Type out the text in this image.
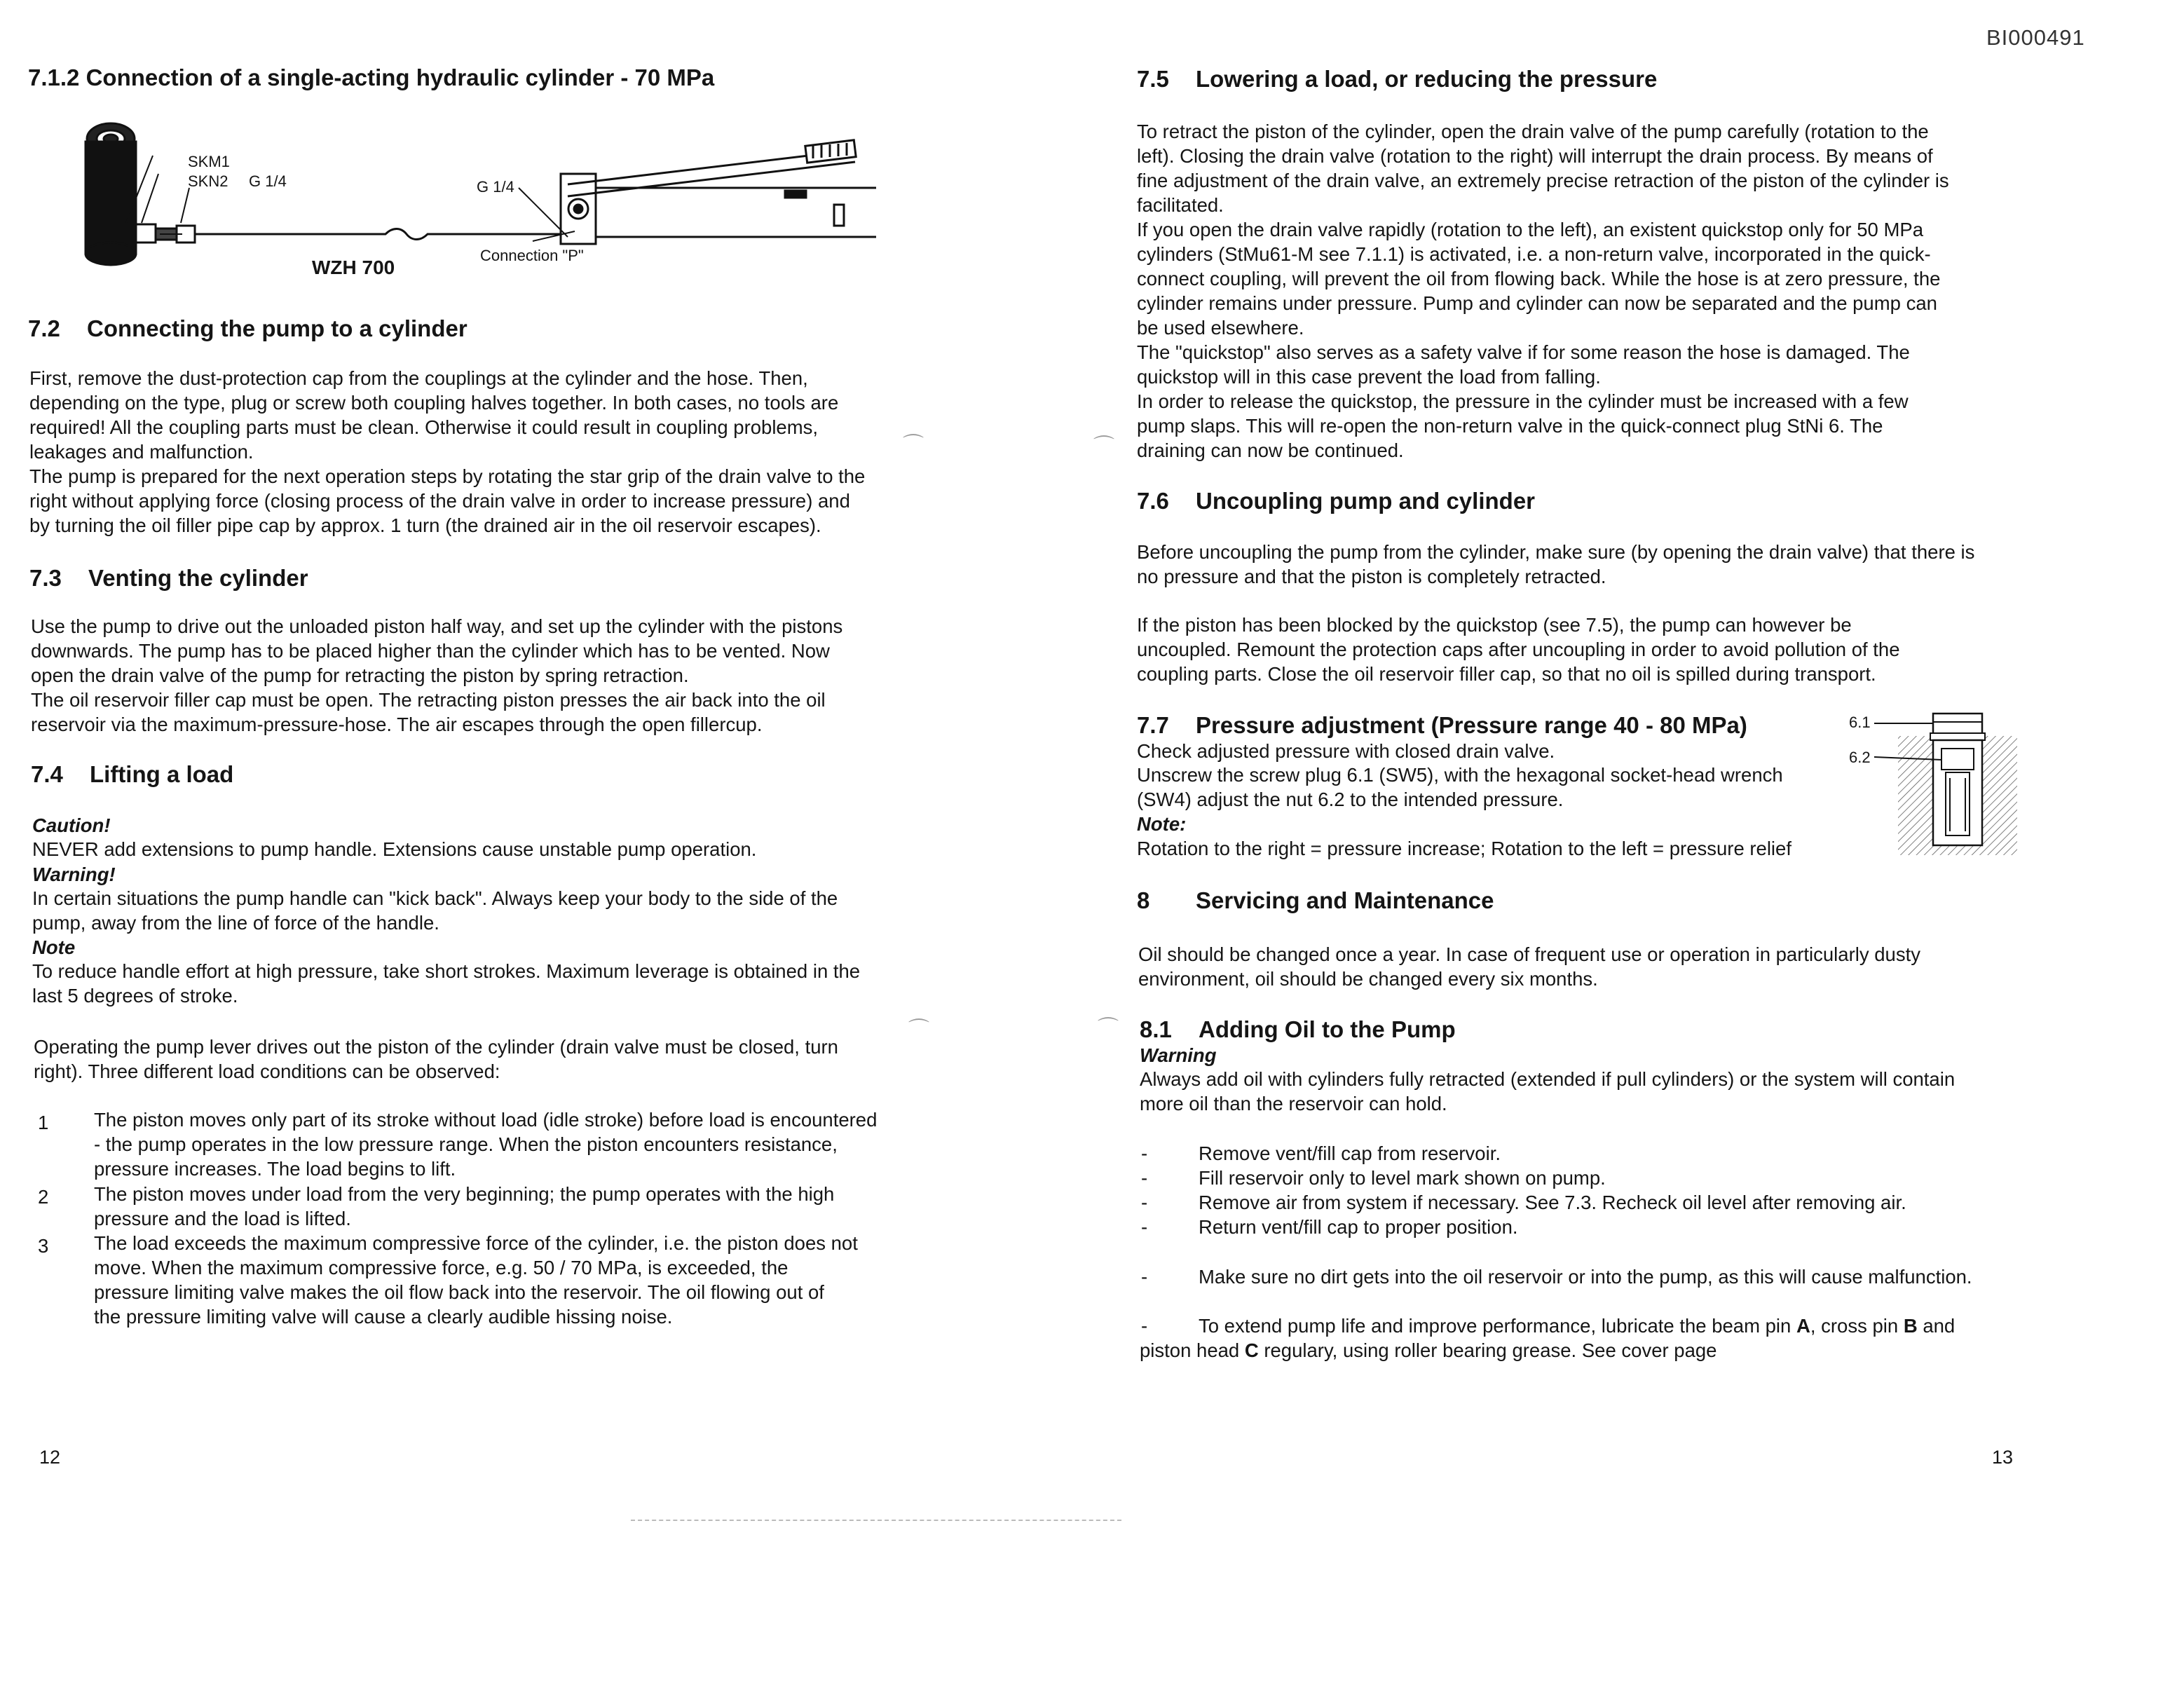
BI000491
7.1.2 Connection of a single-acting hydraulic cylinder - 70 MPa
SKM1
SKN2 G 1/4	G 1/4
Connection "P"
WZH 700
7.2 Connecting the pump to a cylinder
First, remove the dust-protection cap from the couplings at the cylinder and the hose. Then,
depending on the type, plug or screw both coupling halves together. In both cases, no tools are
required! All the coupling parts must be clean. Otherwise it could result in coupling problems,
leakages and malfunction.
The pump is prepared for the next operation steps by rotating the star grip of the drain valve to the
right without applying force (closing process of the drain valve in order to increase pressure) and
by turning the oil filler pipe cap by approx. 1 turn (the drained air in the oil reservoir escapes).
7.3 Venting the cylinder
Use the pump to drive out the unloaded piston half way, and set up the cylinder with the pistons
downwards. The pump has to be placed higher than the cylinder which has to be vented. Now
open the drain valve of the pump for retracting the piston by spring retraction.
The oil reservoir filler cap must be open. The retracting piston presses the air back into the oil
reservoir via the maximum-pressure-hose. The air escapes through the open fillercup.
7.4 Lifting a load
Caution!
NEVER add extensions to pump handle. Extensions cause unstable pump operation.
Warning!
In certain situations the pump handle can "kick back". Always keep your body to the side of the
pump, away from the line of force of the handle.
Note
To reduce handle effort at high pressure, take short strokes. Maximum leverage is obtained in the
last 5 degrees of stroke.
Operating the pump lever drives out the piston of the cylinder (drain valve must be closed, turn
right). Three different load conditions can be observed:
1	The piston moves only part of its stroke without load (idle stroke) before load is encountered
- the pump operates in the low pressure range. When the piston encounters resistance,
pressure increases. The load begins to lift.
2	The piston moves under load from the very beginning; the pump operates with the high
pressure and the load is lifted.
3	The load exceeds the maximum compressive force of the cylinder, i.e. the piston does not
move. When the maximum compressive force, e.g. 50 / 70 MPa, is exceeded, the
pressure limiting valve makes the oil flow back into the reservoir. The oil flowing out of
the pressure limiting valve will cause a clearly audible hissing noise.
12
⌒	⌒
⌒	⌒
7.5 Lowering a load, or reducing the pressure
To retract the piston of the cylinder, open the drain valve of the pump carefully (rotation to the
left). Closing the drain valve (rotation to the right) will interrupt the drain process. By means of
fine adjustment of the drain valve, an extremely precise retraction of the piston of the cylinder is
facilitated.
If you open the drain valve rapidly (rotation to the left), an existent quickstop only for 50 MPa
cylinders (StMu61-M see 7.1.1) is activated, i.e. a non-return valve, incorporated in the quick-
connect coupling, will prevent the oil from flowing back. While the hose is at zero pressure, the
cylinder remains under pressure. Pump and cylinder can now be separated and the pump can
be used elsewhere.
The "quickstop" also serves as a safety valve if for some reason the hose is damaged. The
quickstop will in this case prevent the load from falling.
In order to release the quickstop, the pressure in the cylinder must be increased with a few
pump slaps. This will re-open the non-return valve in the quick-connect plug StNi 6. The
draining can now be continued.
7.6 Uncoupling pump and cylinder
Before uncoupling the pump from the cylinder, make sure (by opening the drain valve) that there is
no pressure and that the piston is completely retracted.
If the piston has been blocked by the quickstop (see 7.5), the pump can however be
uncoupled. Remount the protection caps after uncoupling in order to avoid pollution of the
coupling parts. Close the oil reservoir filler cap, so that no oil is spilled during transport.
7.7 Pressure adjustment (Pressure range 40 - 80 MPa)
Check adjusted pressure with closed drain valve.
Unscrew the screw plug 6.1 (SW5), with the hexagonal socket-head wrench
(SW4) adjust the nut 6.2 to the intended pressure.
Note:
Rotation to the right = pressure increase; Rotation to the left = pressure relief
6.1
6.2
8 Servicing and Maintenance
Oil should be changed once a year. In case of frequent use or operation in particularly dusty
environment, oil should be changed every six months.
8.1 Adding Oil to the Pump
Warning
Always add oil with cylinders fully retracted (extended if pull cylinders) or the system will contain
more oil than the reservoir can hold.
-	Remove vent/fill cap from reservoir.
-	Fill reservoir only to level mark shown on pump.
-	Remove air from system if necessary. See 7.3. Recheck oil level after removing air.
-	Return vent/fill cap to proper position.
-	Make sure no dirt gets into the oil reservoir or into the pump, as this will cause malfunction.
-	To extend pump life and improve performance, lubricate the beam pin A, cross pin B and
piston head C regulary, using roller bearing grease. See cover page
13
